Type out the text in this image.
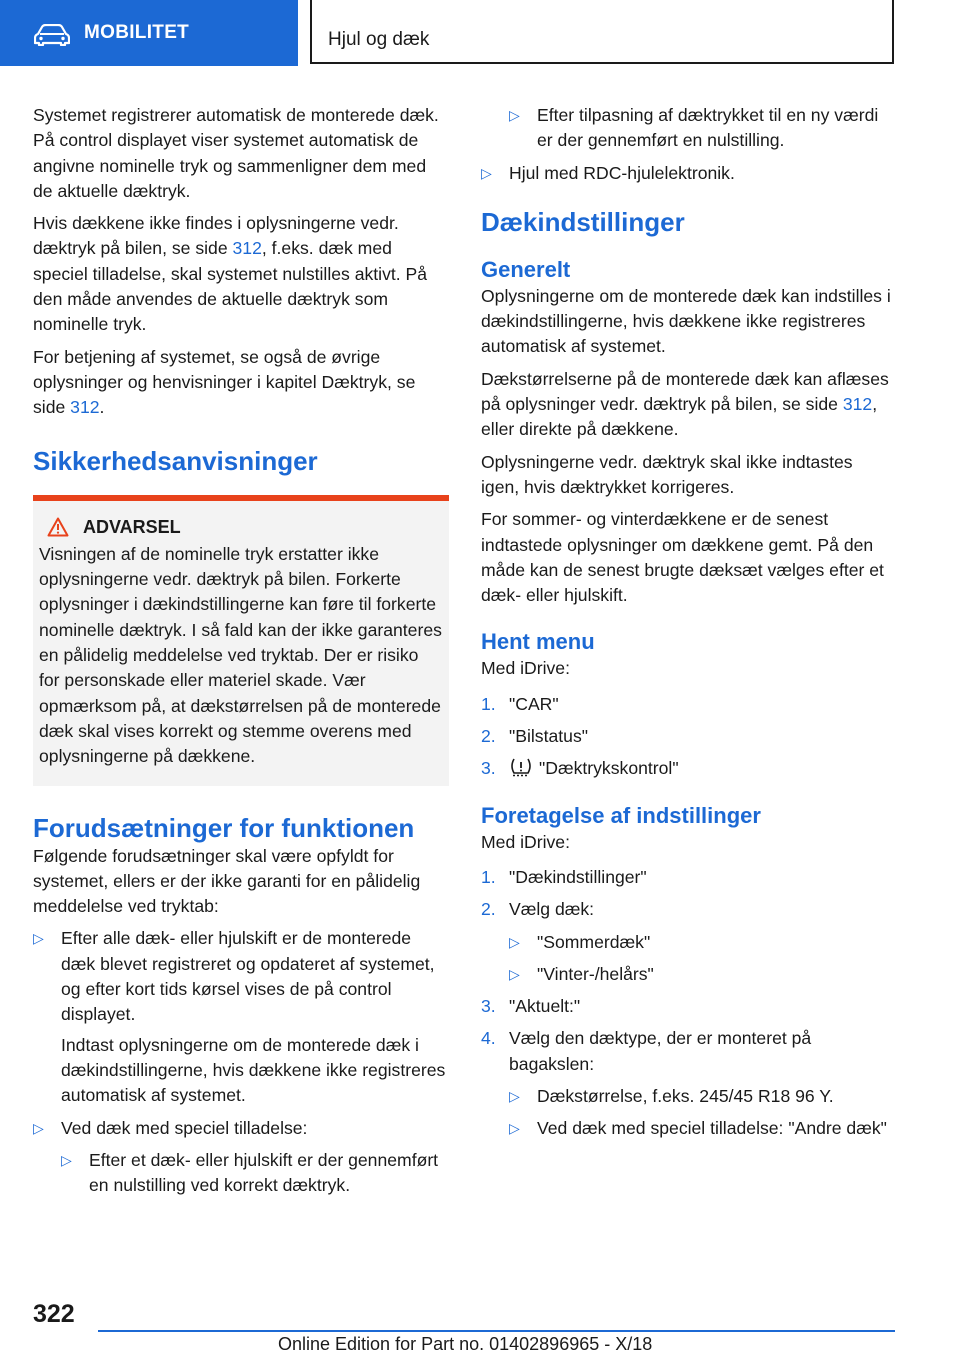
MOBILITET	Hjul og dæk

Systemet registrerer automatisk de monterede dæk. På control displayet viser systemet automatisk de angivne nominelle tryk og sammenligner dem med de aktuelle dæktryk.

Hvis dækkene ikke findes i oplysningerne vedr. dæktryk på bilen, se side 312, f.eks. dæk med speciel tilladelse, skal systemet nulstilles aktivt. På den måde anvendes de aktuelle dæktryk som nominelle tryk.

For betjening af systemet, se også de øvrige oplysninger og henvisninger i kapitel Dæktryk, se side 312.

Sikkerhedsanvisninger
ADVARSEL
Visningen af de nominelle tryk erstatter ikke oplysningerne vedr. dæktryk på bilen. Forkerte oplysninger i dækindstillingerne kan føre til forkerte nominelle dæktryk. I så fald kan der ikke garanteres en pålidelig meddelelse ved tryktab. Der er risiko for personskade eller materiel skade. Vær opmærksom på, at dækstørrelsen på de monterede dæk skal vises korrekt og stemme overens med oplysningerne på dækkene.
Forudsætninger for funktionen

Følgende forudsætninger skal være opfyldt for systemet, ellers er der ikke garanti for en pålidelig meddelelse ved tryktab:

▷ Efter alle dæk- eller hjulskift er de monterede dæk blevet registreret og opdateret af systemet, og efter kort tids kørsel vises de på control displayet.
Indtast oplysningerne om de monterede dæk i dækindstillingerne, hvis dækkene ikke registreres automatisk af systemet.
▷ Ved dæk med speciel tilladelse:
▷ Efter et dæk- eller hjulskift er der gennemført en nulstilling ved korrekt dæktryk.
▷ Efter tilpasning af dæktrykket til en ny værdi er der gennemført en nulstilling.
▷ Hjul med RDC-hjulelektronik.
Dækindstillinger
Generelt

Oplysningerne om de monterede dæk kan indstilles i dækindstillingerne, hvis dækkene ikke registreres automatisk af systemet.

Dækstørrelserne på de monterede dæk kan aflæses på oplysninger vedr. dæktryk på bilen, se side 312, eller direkte på dækkene.

Oplysningerne vedr. dæktryk skal ikke indtastes igen, hvis dæktrykket korrigeres.

For sommer- og vinterdækkene er de senest indtastede oplysninger om dækkene gemt. På den måde kan de senest brugte dæksæt vælges efter et dæk- eller hjulskift.

Hent menu

Med iDrive:

1. "CAR"
2. "Bilstatus"
3. "Dæktrykskontrol"
Foretagelse af indstillinger

Med iDrive:

1. "Dækindstillinger"
2. Vælg dæk:
▷ "Sommerdæk"
▷ "Vinter-/helårs"
3. "Aktuelt:"
4. Vælg den dæktype, der er monteret på bagakslen:
▷ Dækstørrelse, f.eks. 245/45 R18 96 Y.
▷ Ved dæk med speciel tilladelse: "Andre dæk"
322
Online Edition for Part no. 01402896965 - X/18
